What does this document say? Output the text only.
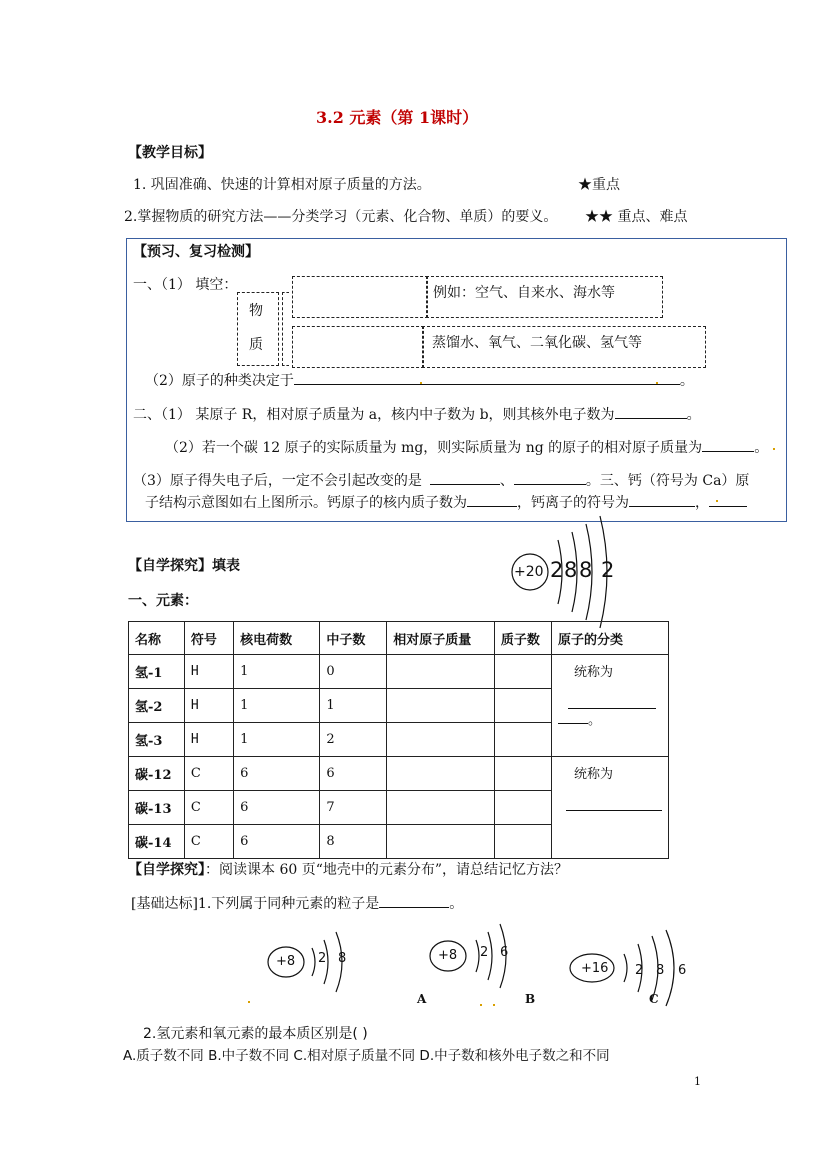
3.2 元素（第 1课时）
【教学目标】
1. 巩固准确、快速的计算相对原子质量的方法。	★重点
2.掌握物质的研究方法——分类学习（元素、化合物、单质）的要义。 ★★ 重点、难点
【预习、复习检测】
一、（1） 填空：
物
质
例如：空气、自来水、海水等
蒸馏水、氧气、二氧化碳、氢气等
（2）原子的种类决定于	。
二、（1） 某原子 R，相对原子质量为 a，核内中子数为 b，则其核外电子数为	。
（2）若一个碳 12 原子的实际质量为 mg，则实际质量为 ng 的原子的相对原子质量为	。
（3）原子得失电子后，一定不会引起改变的是	、	。三、钙（符号为 Ca）原
子结构示意图如右上图所示。钙原子的核内质子数为	，钙离子的符号为	，
+20 2 8 8 2
【自学探究】填表
一、元素：
名称	符号	核电荷数	中子数	相对原子质量	质子数	原子的分类
氢-1	H	1	0			统称为
。

氢-2	H	1	1			
氢-3	H	1	2			
碳-12	C	6	6			统称为

碳-13	C	6	7			
碳-14	C	6	8			
【自学探究】：阅读课本 60 页“地壳中的元素分布”，请总结记忆方法？
[基础达标]1.下列属于同种元素的粒子是	。
+8 2 8	+8 2 6
A	B
+16 2 8 6
C
2.氢元素和氧元素的最本质区别是( )
A.质子数不同 B.中子数不同 C.相对原子质量不同 D.中子数和核外电子数之和不同
1
